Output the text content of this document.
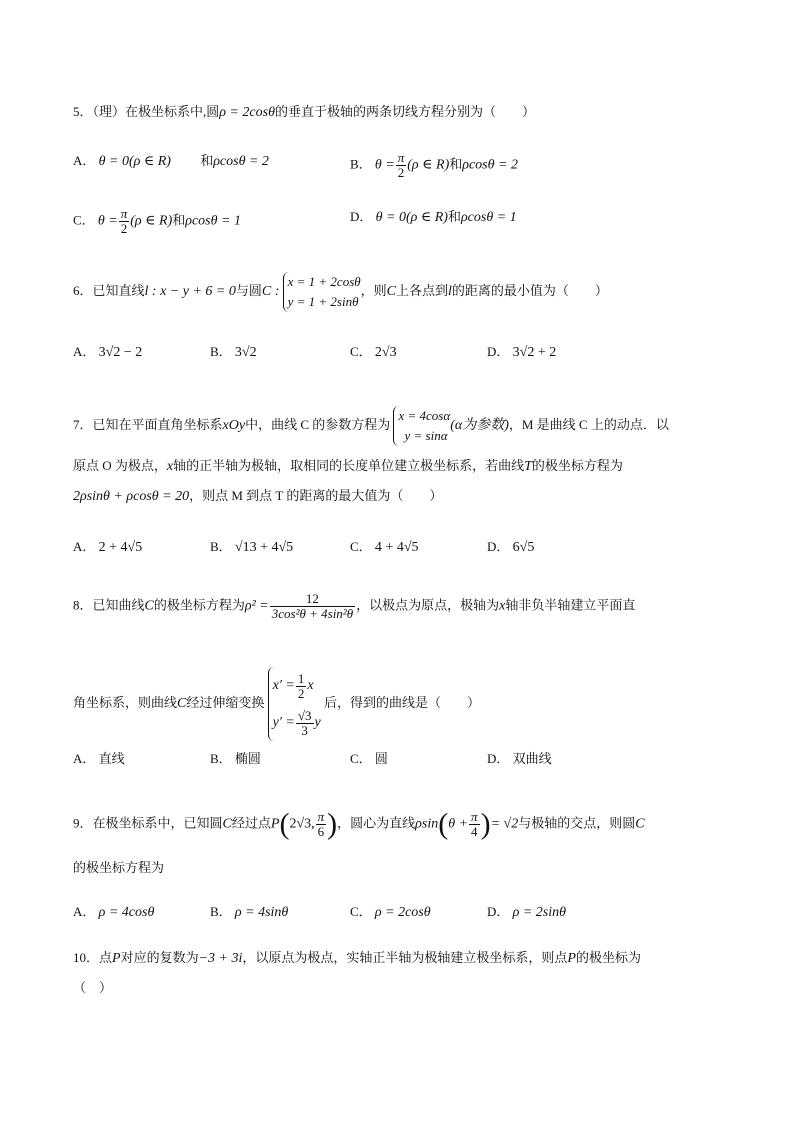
5．（理）在极坐标系中,圆ρ = 2cosθ的垂直于极轴的两条切线方程分别为（　　）
A． θ = 0(ρ ∈ R) 和ρcosθ = 2	B． $\theta = \frac{\pi}{2} (\rho$ ∈ R)和ρcosθ = 2
C． $\theta = \frac{\pi}{2} (\rho$ ∈ R)和ρcosθ = 1	D． θ = 0(ρ ∈ R)和ρcosθ = 1
6．已知直线l : x − y + 6 = 0与圆C :
x = 1 + 2cosθ
y = 1 + 2sinθ
，则C上各点到l的距离的最小值为（　　）
A． 3√2 − 2	B． 3√2	C． 2√3	D． 3√2 + 2
7．已知在平面直角坐标系xOy中，曲线 C 的参数方程为
x = 4cosα
y = sinα
(α为参数)，M 是曲线 C 上的动点．以
原点 O 为极点，x轴的正半轴为极轴，取相同的长度单位建立极坐标系，若曲线T的极坐标方程为
2ρsinθ + ρcosθ = 20，则点 M 到点 T 的距离的最大值为（　　）
A． 2 + 4√5	B． √13 + 4√5	C． 4 + 4√5	D． 6√5
8．已知曲线C的极坐标方程为$\rho^2 = \frac{12}{\text{3cos²θ + 4sin²θ}}$ ，以极点为原点，极轴为x轴非负半轴建立平面直
角坐标系，则曲线C经过伸缩变换
$x' = \frac{1}{2}$ x
$y' = \frac{√3}{3}$ y
后，得到的曲线是（　　）
A． 直线	B． 椭圆	C． 圆	D． 双曲线
9．在极坐标系中，已知圆C经过点P(2√3, $\frac{\pi}{6}$ )，圆心为直线$\rho\sin(\theta + \frac{\pi}{4}$ )= √2与极轴的交点，则圆C
的极坐标方程为
A． ρ = 4cosθ	B． ρ = 4sinθ	C． ρ = 2cosθ	D． ρ = 2sinθ
10．点P对应的复数为−3 + 3i，以原点为极点，实轴正半轴为极轴建立极坐标系，则点P的极坐标为
（　）
